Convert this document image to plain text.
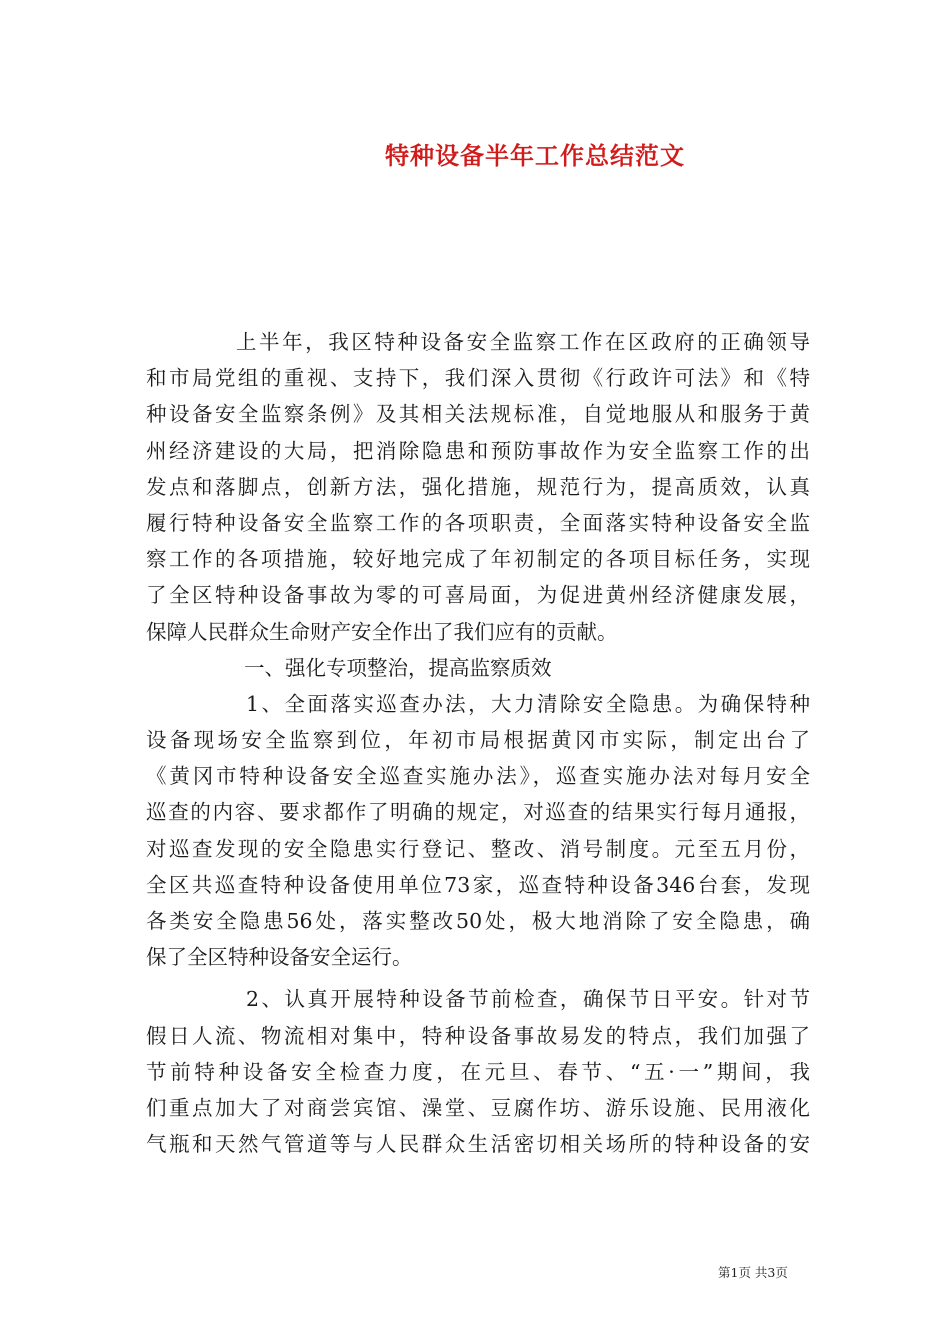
特种设备半年工作总结范文
上半年，我区特种设备安全监察工作在区政府的正确领导
和市局党组的重视、支持下，我们深入贯彻《行政许可法》和《特
种设备安全监察条例》及其相关法规标准，自觉地服从和服务于黄
州经济建设的大局，把消除隐患和预防事故作为安全监察工作的出
发点和落脚点，创新方法，强化措施，规范行为，提高质效，认真
履行特种设备安全监察工作的各项职责，全面落实特种设备安全监
察工作的各项措施，较好地完成了年初制定的各项目标任务，实现
了全区特种设备事故为零的可喜局面，为促进黄州经济健康发展，
保障人民群众生命财产安全作出了我们应有的贡献。
一、强化专项整治，提高监察质效
1、全面落实巡查办法，大力清除安全隐患。为确保特种
设备现场安全监察到位，年初市局根据黄冈市实际，制定出台了
《黄冈市特种设备安全巡查实施办法》，巡查实施办法对每月安全
巡查的内容、要求都作了明确的规定，对巡查的结果实行每月通报，
对巡查发现的安全隐患实行登记、整改、消号制度。元至五月份，
全区共巡查特种设备使用单位73家，巡查特种设备346台套，发现
各类安全隐患56处，落实整改50处，极大地消除了安全隐患，确
保了全区特种设备安全运行。
2、认真开展特种设备节前检查，确保节日平安。针对节
假日人流、物流相对集中，特种设备事故易发的特点，我们加强了
节前特种设备安全检查力度，在元旦、春节、“五·一”期间，我
们重点加大了对商尝宾馆、澡堂、豆腐作坊、游乐设施、民用液化
气瓶和天然气管道等与人民群众生活密切相关场所的特种设备的安
第1页 共3页
